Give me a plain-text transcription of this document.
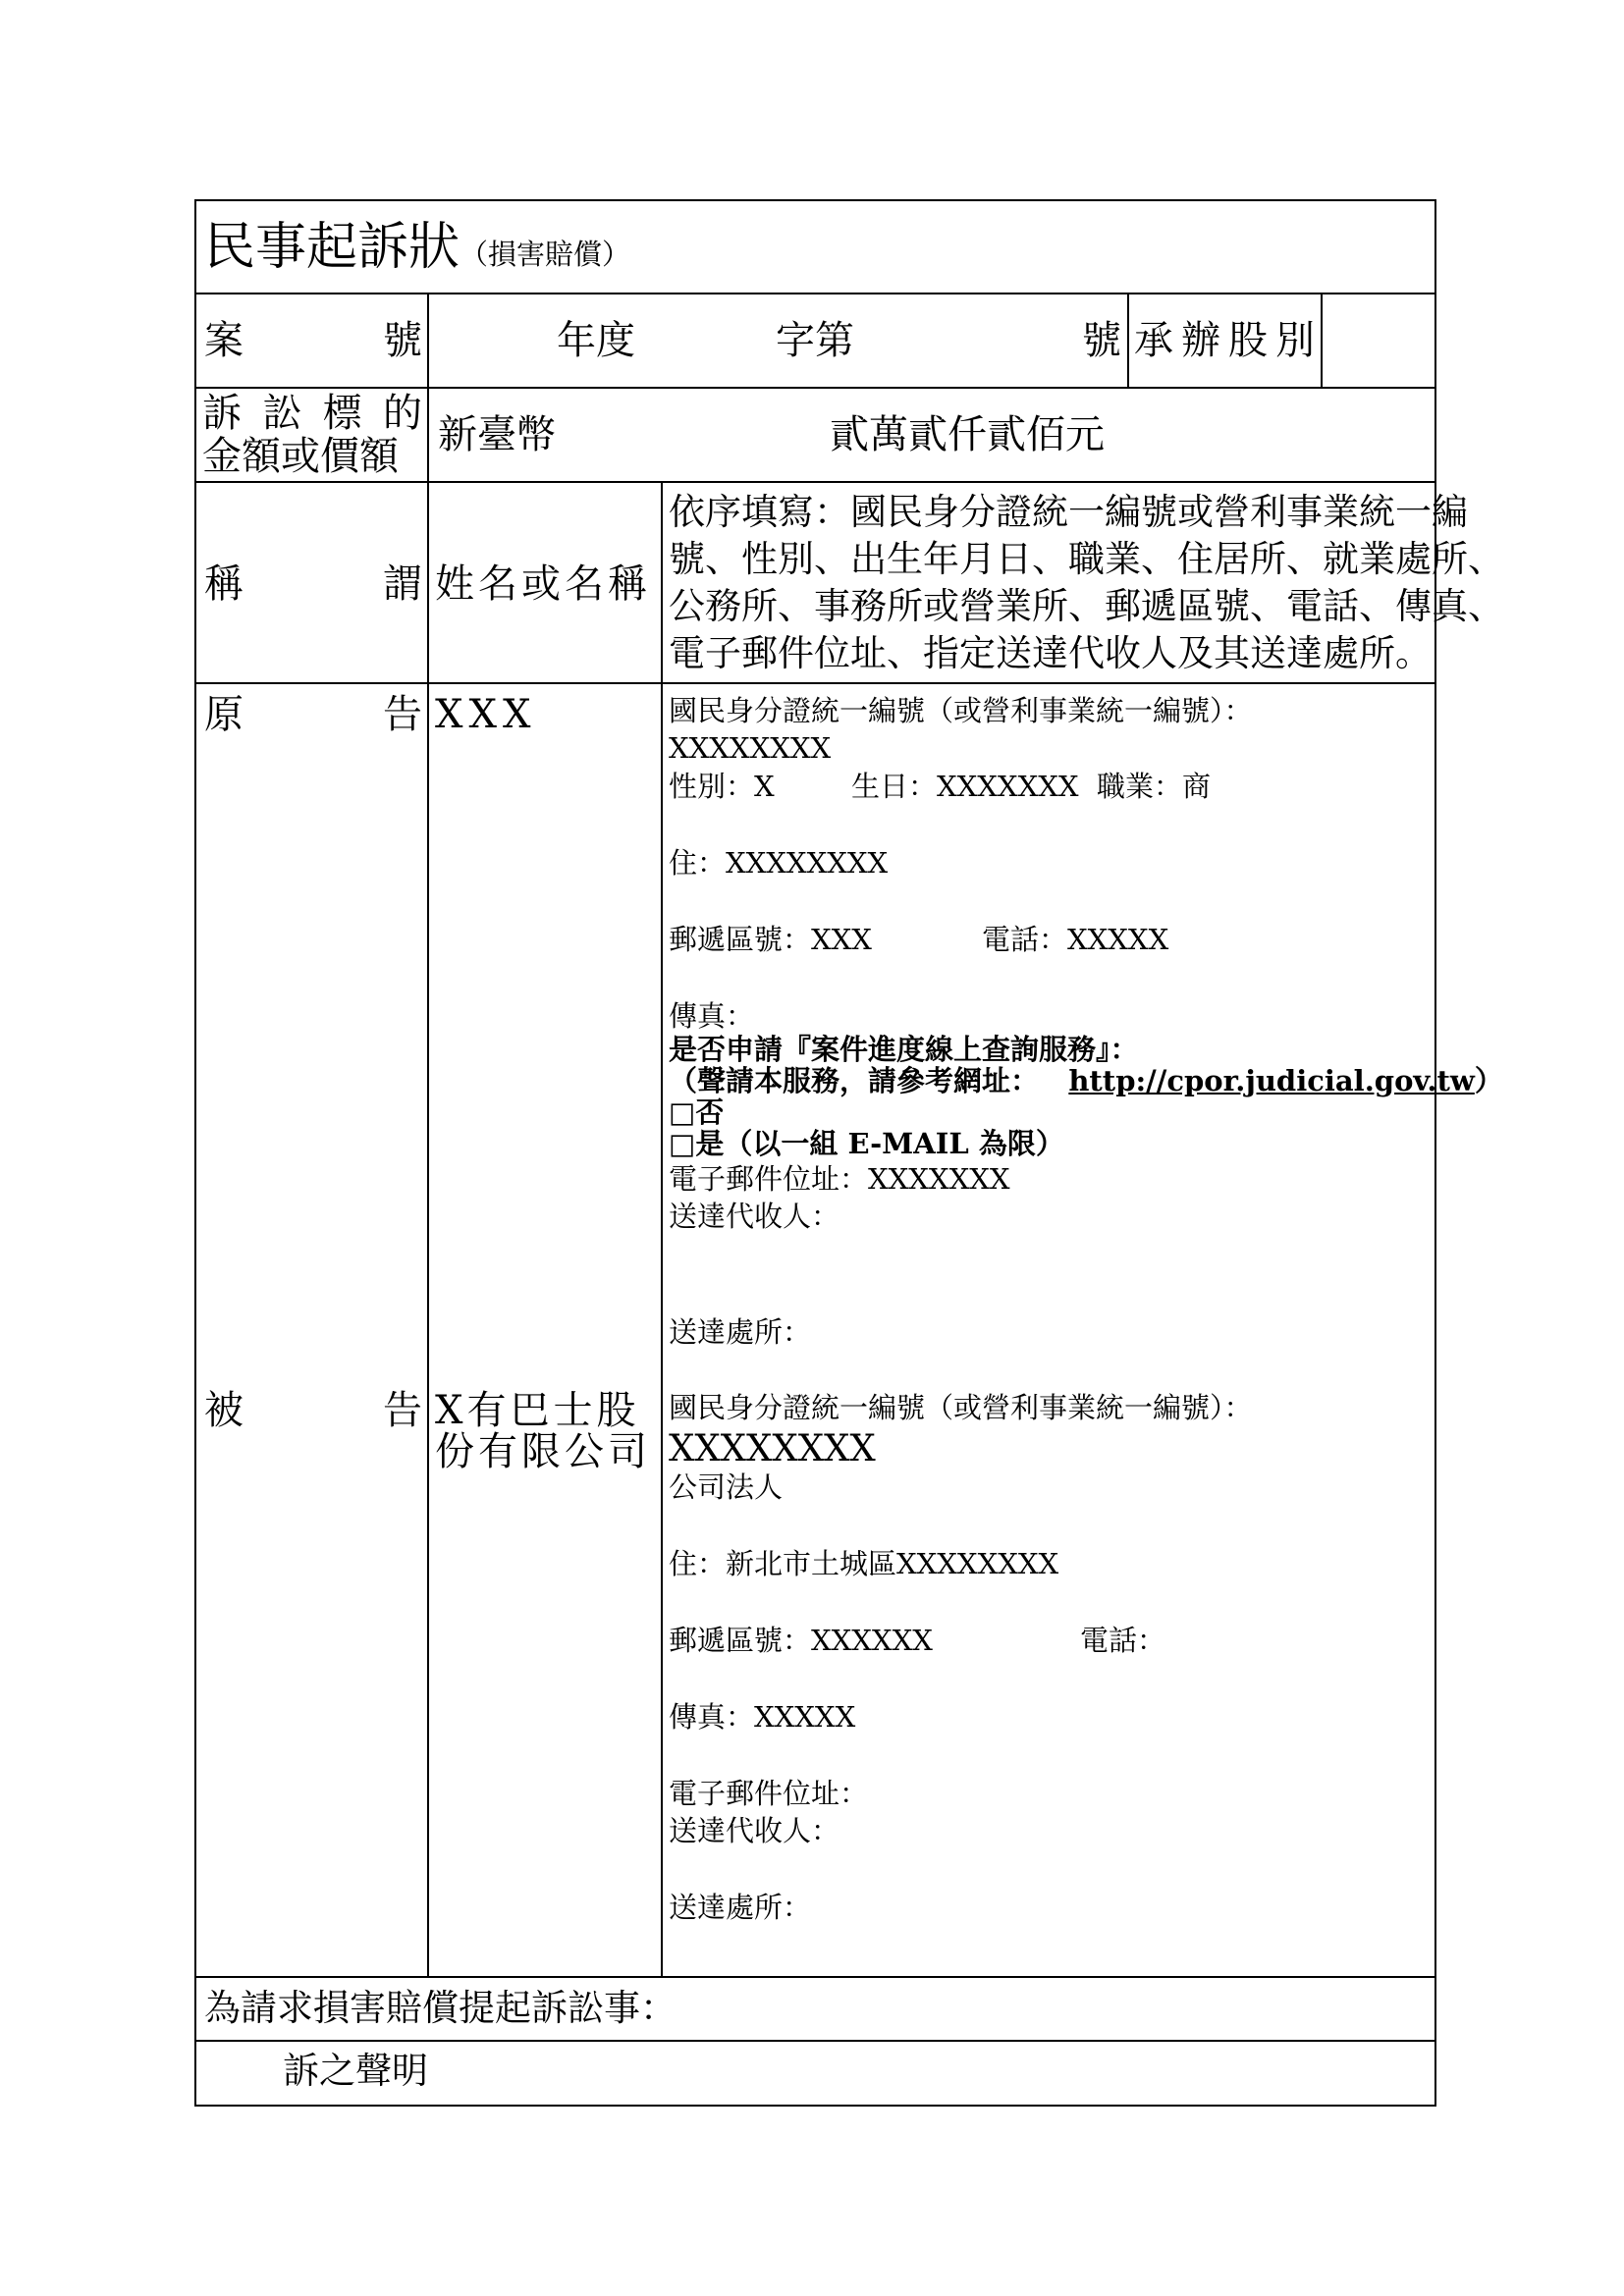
民事起訴狀（損害賠償）
案	號	年度	字第	號 承辦股別
訴 訟 標 的
金額或價額 新臺幣	貳萬貳仟貳佰元
稱	謂 姓名或名稱
依序填寫：國民身分證統一編號或營利事業統一編
號、性別、出生年月日、職業、住居所、就業處所、
公務所、事務所或營業所、郵遞區號、電話、傳真、
電子郵件位址、指定送達代收人及其送達處所。
原	告 XXX	國民身分證統一編號（或營利事業統一編號）：
XXXXXXXX
性別：X	生日：XXXXXXX 職業：商
住：XXXXXXXX
郵遞區號：XXX	電話：XXXXX
傳真：
是否申請『案件進度線上查詢服務』：
（聲請本服務，請參考網址： http://cpor.judicial.gov.tw）
□否
□是（以一組 E-MAIL 為限）
電子郵件位址：XXXXXXX
送達代收人：
送達處所：
被	告 X有巴士股
份有限公司
國民身分證統一編號（或營利事業統一編號）：
XXXXXXXX
公司法人
住：新北市土城區XXXXXXXX
郵遞區號：XXXXXX	電話：
傳真：XXXXX
電子郵件位址：
送達代收人：
送達處所：
為請求損害賠償提起訴訟事：
訴之聲明
